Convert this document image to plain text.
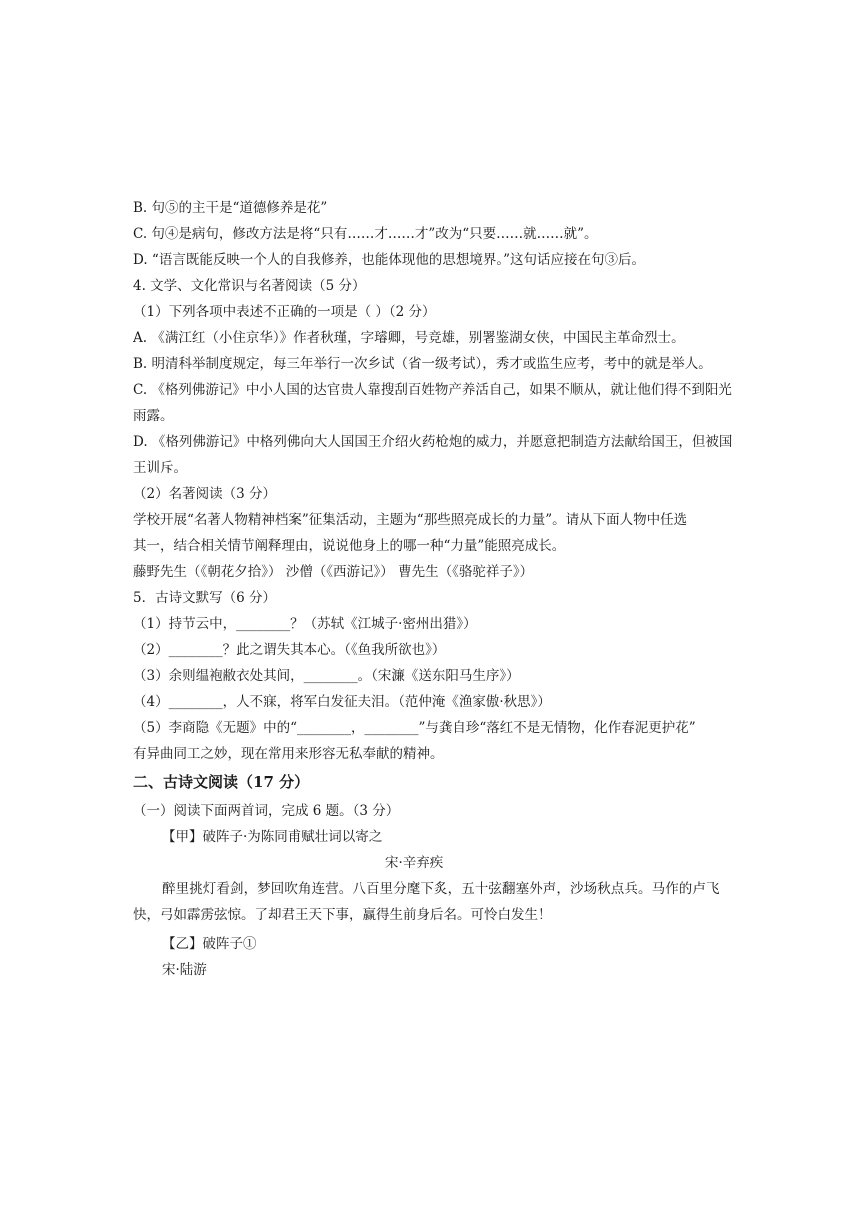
B. 句⑤的主干是“道德修养是花”
C. 句④是病句，修改方法是将“只有……才……才”改为“只要……就……就”。
D. “语言既能反映一个人的自我修养，也能体现他的思想境界。”这句话应接在句③后。
4. 文学、文化常识与名著阅读（5 分）
（1）下列各项中表述不正确的一项是（ ）（2 分）
A. 《满江红（小住京华）》作者秋瑾，字璿卿，号竞雄，别署鉴湖女侠，中国民主革命烈士。
B. 明清科举制度规定，每三年举行一次乡试（省一级考试），秀才或监生应考，考中的就是举人。
C. 《格列佛游记》中小人国的达官贵人靠搜刮百姓物产养活自己，如果不顺从，就让他们得不到阳光
雨露。
D. 《格列佛游记》中格列佛向大人国国王介绍火药枪炮的威力，并愿意把制造方法献给国王，但被国
王训斥。
（2）名著阅读（3 分）
学校开展“名著人物精神档案”征集活动，主题为“那些照亮成长的力量”。请从下面人物中任选
其一，结合相关情节阐释理由，说说他身上的哪一种“力量”能照亮成长。
藤野先生（《朝花夕拾》） 沙僧（《西游记》） 曹先生（《骆驼祥子》）
5．古诗文默写（6 分）
（1）持节云中，________？（苏轼《江城子·密州出猎》）
（2）________？此之谓失其本心。（《鱼我所欲也》）
（3）余则缊袍敝衣处其间，________。（宋濂《送东阳马生序》）
（4）________，人不寐，将军白发征夫泪。（范仲淹《渔家傲·秋思》）
（5）李商隐《无题》中的“________，________”与龚自珍“落红不是无情物，化作春泥更护花”
有异曲同工之妙，现在常用来形容无私奉献的精神。
二、古诗文阅读（17 分）
（一）阅读下面两首词，完成 6 题。（3 分）
【甲】破阵子·为陈同甫赋壮词以寄之
宋·辛弃疾
醉里挑灯看剑，梦回吹角连营。八百里分麾下炙，五十弦翻塞外声，沙场秋点兵。马作的卢飞
快，弓如霹雳弦惊。了却君王天下事，赢得生前身后名。可怜白发生！
【乙】破阵子①
宋·陆游
